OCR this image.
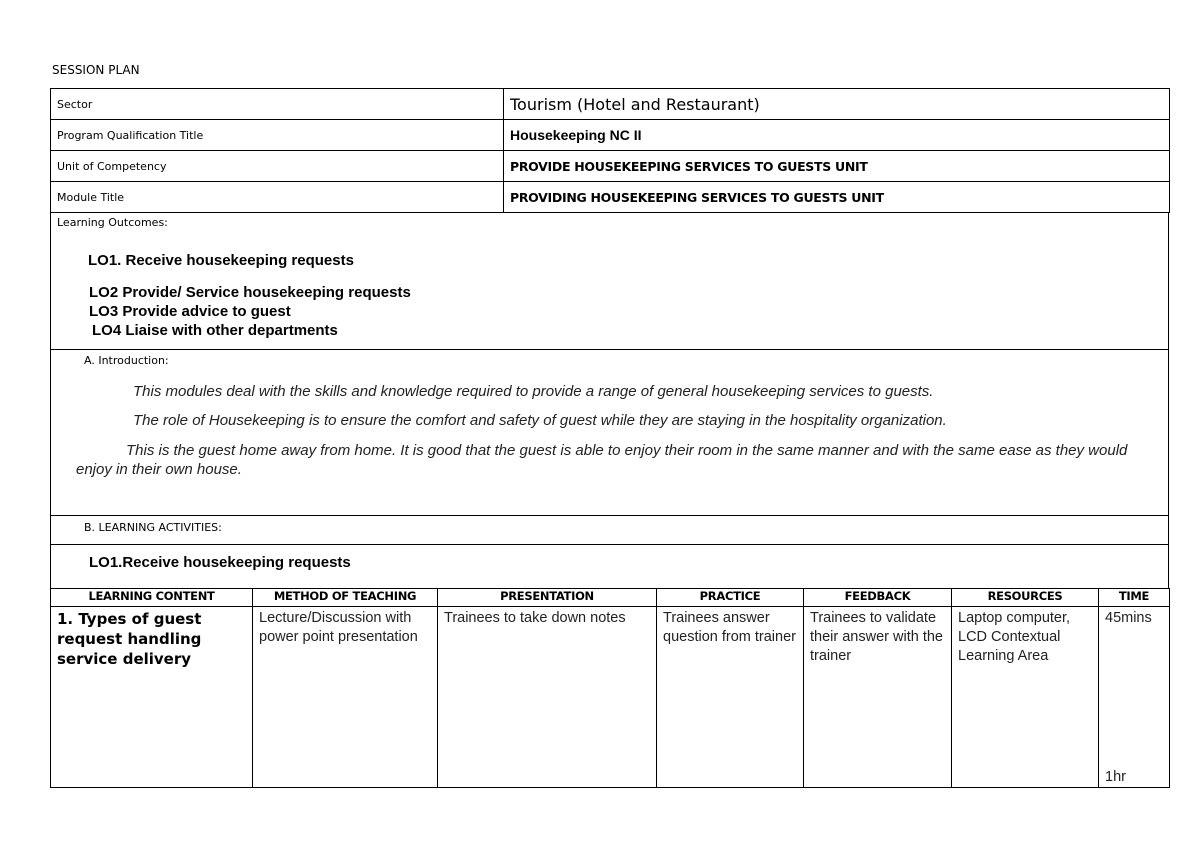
SESSION PLAN
Sector	Tourism (Hotel and Restaurant)
Program Qualification Title	Housekeeping NC II
Unit of Competency	PROVIDE HOUSEKEEPING SERVICES TO GUESTS UNIT
Module Title	PROVIDING HOUSEKEEPING SERVICES TO GUESTS UNIT
Learning Outcomes:
LO1. Receive housekeeping requests
LO2 Provide/ Service housekeeping requests
LO3 Provide advice to guest
LO4 Liaise with other departments
A. Introduction:
This modules deal with the skills and knowledge required to provide a range of general housekeeping services to guests.
The role of Housekeeping is to ensure the comfort and safety of guest while they are staying in the hospitality organization.
This is the guest home away from home. It is good that the guest is able to enjoy their room in the same manner and with the same ease as they would enjoy in their own house.
B. LEARNING ACTIVITIES:
LO1.Receive housekeeping requests
LEARNING CONTENT	METHOD OF TEACHING	PRESENTATION	PRACTICE	FEEDBACK	RESOURCES	TIME
1. Types of guest request handling service delivery	Lecture/Discussion with power point presentation	Trainees to take down notes	Trainees answer question from trainer	Trainees to validate their answer with the trainer	Laptop computer, LCD Contextual Learning Area	45mins
1hr
